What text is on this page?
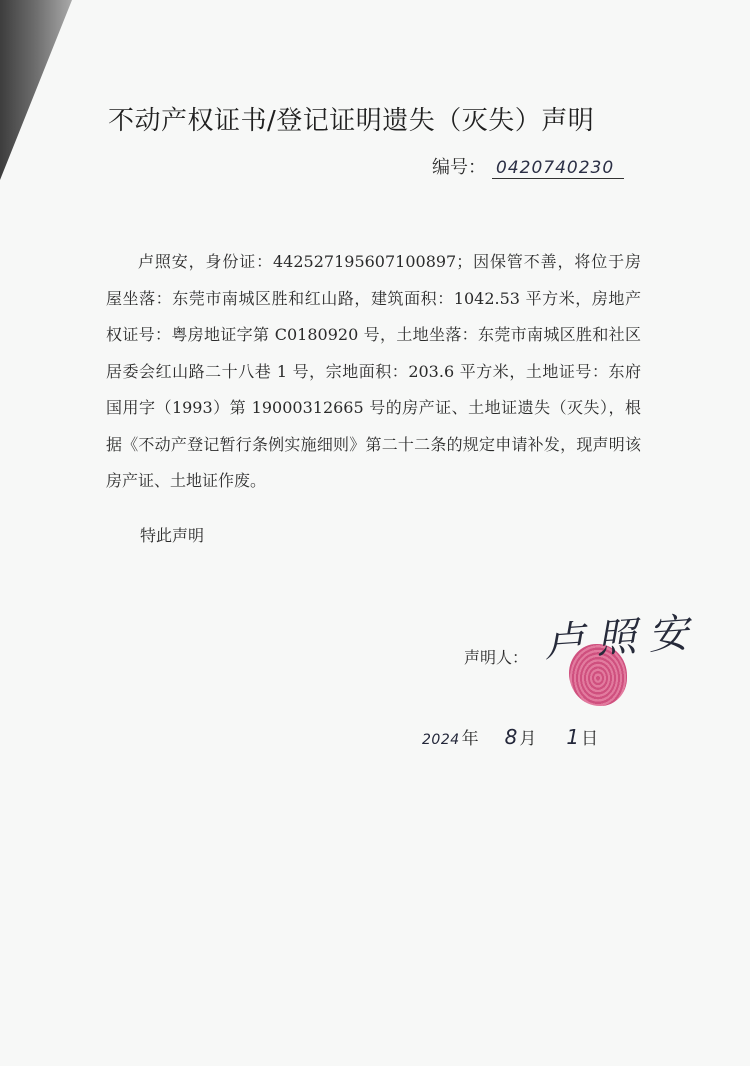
不动产权证书/登记证明遗失（灭失）声明
编号： 0420740230

卢照安，身份证：442527195607100897；因保管不善，将位于房屋坐落：东莞市南城区胜和红山路，建筑面积：1042.53 平方米，房地产权证号：粤房地证字第 C0180920 号，土地坐落：东莞市南城区胜和社区居委会红山路二十八巷 1 号，宗地面积：203.6 平方米，土地证号：东府国用字（1993）第 19000312665 号的房产证、土地证遗失（灭失），根据《不动产登记暂行条例实施细则》第二十二条的规定申请补发，现声明该房产证、土地证作废。

特此声明
声明人： 卢照安
2024 年 8 月 1 日
